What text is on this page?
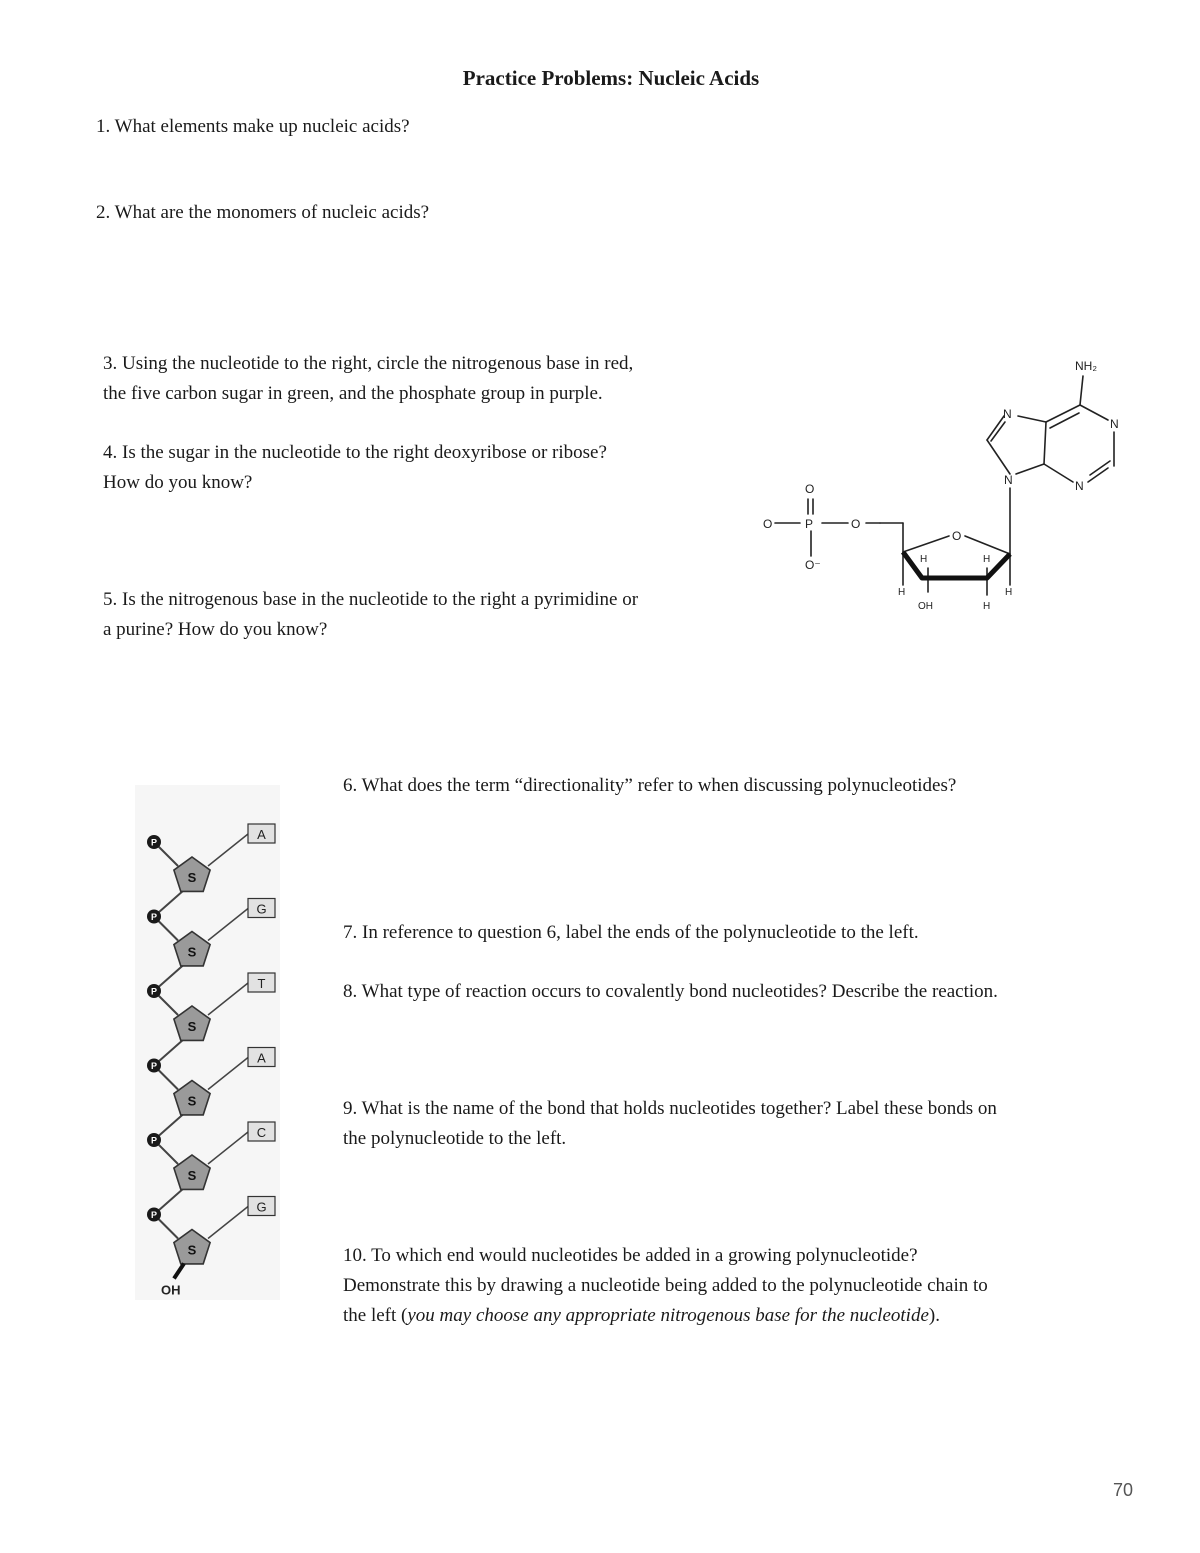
Practice Problems: Nucleic Acids
1. What elements make up nucleic acids?
2. What are the monomers of nucleic acids?
3. Using the nucleotide to the right, circle the nitrogenous base in red,
the five carbon sugar in green, and the phosphate group in purple.
4. Is the sugar in the nucleotide to the right deoxyribose or ribose?
How do you know?
5. Is the nitrogenous base in the nucleotide to the right a pyrimidine or
a purine? How do you know?
6. What does the term “directionality” refer to when discussing polynucleotides?
7. In reference to question 6, label the ends of the polynucleotide to the left.
8. What type of reaction occurs to covalently bond nucleotides? Describe the reaction.
9. What is the name of the bond that holds nucleotides together? Label these bonds on
the polynucleotide to the left.
10. To which end would nucleotides be added in a growing polynucleotide?
Demonstrate this by drawing a nucleotide being added to the polynucleotide chain to
the left (you may choose any appropriate nitrogenous base for the nucleotide).
O	P
O
O⁻
O
O
NH₂
N
N
N
N
H	H
H	H
H
OH
S
P
A
S
P
G
S
P
T
S
P
A
S
P
C
S
P
G
OH
70
